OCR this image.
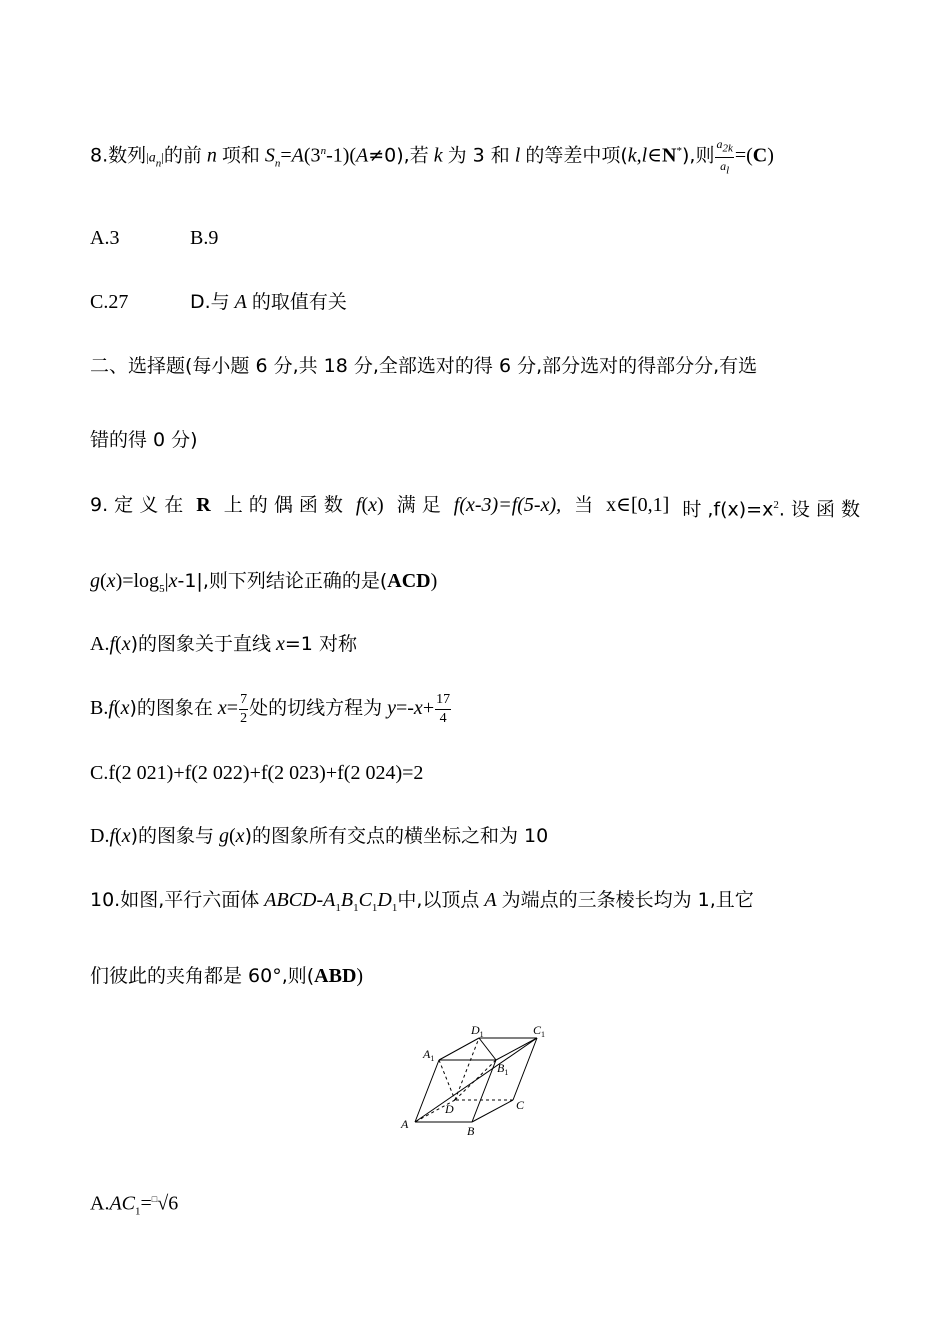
8.数列$|a_n|$的前 n 项和 $S_n=A(3^n-1)(A\ne 0)$,若 k 为 3 和 l 的等差中项(k,l∈N*),则 $\frac{a_{2k}}{a_l} =(C)$
A.3	B.9
C.27	D.与 A 的取值有关
二、选择题(每小题 6 分,共 18 分,全部选对的得 6 分,部分选对的得部分分,有选
错的得 0 分)
9. 定 义 在 R 上 的 偶 函 数 f(x) 满 足 f(x-3)=f(5-x), 当 x∈[0,1] 时 $,f(x)=x^2$. 设 函 数
$g(x)=\log_5|x-1|$,则下列结论正确的是(ACD)
A.f(x)的图象关于直线 x=1 对称
B.f(x)的图象在 $x= \frac{7}{2}$ 处的切线方程为 $y=-x+ \frac{17}{4}$
C.f(2 021)+f(2 022)+f(2 023)+f(2 024)=2
D.f(x)的图象与 g(x)的图象所有交点的横坐标之和为 10
10.如图,平行六面体 ABCD-$A_1B_1C_1D_1$中,以顶点 A 为端点的三条棱长均为 1,且它
们彼此的夹角都是 60°,则(ABD)
A	B
C
D
$A_1$
$B_1$
$C_1$
$D_1$
$A.AC_1=^□√6$
